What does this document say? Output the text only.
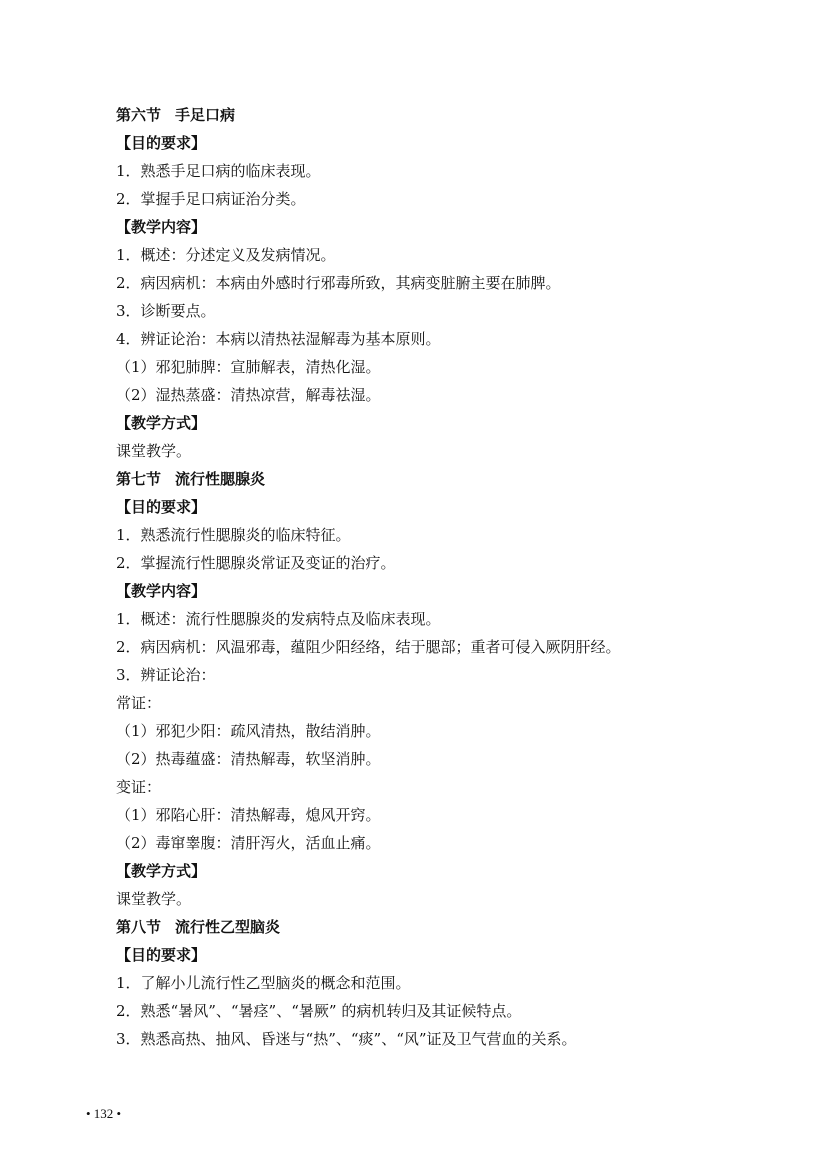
第六节 手足口病
【目的要求】
1．熟悉手足口病的临床表现。
2．掌握手足口病证治分类。
【教学内容】
1．概述：分述定义及发病情况。
2．病因病机：本病由外感时行邪毒所致，其病变脏腑主要在肺脾。
3．诊断要点。
4．辨证论治：本病以清热祛湿解毒为基本原则。
（1）邪犯肺脾：宣肺解表，清热化湿。
（2）湿热蒸盛：清热凉营，解毒祛湿。
【教学方式】
课堂教学。
第七节 流行性腮腺炎
【目的要求】
1．熟悉流行性腮腺炎的临床特征。
2．掌握流行性腮腺炎常证及变证的治疗。
【教学内容】
1．概述：流行性腮腺炎的发病特点及临床表现。
2．病因病机：风温邪毒，蕴阻少阳经络，结于腮部；重者可侵入厥阴肝经。
3．辨证论治：
常证：
（1）邪犯少阳：疏风清热，散结消肿。
（2）热毒蕴盛：清热解毒，软坚消肿。
变证：
（1）邪陷心肝：清热解毒，熄风开窍。
（2）毒窜睾腹：清肝泻火，活血止痛。
【教学方式】
课堂教学。
第八节 流行性乙型脑炎
【目的要求】
1．了解小儿流行性乙型脑炎的概念和范围。
2．熟悉“暑风”、“暑痉”、“暑厥” 的病机转归及其证候特点。
3．熟悉高热、抽风、昏迷与“热”、“痰”、“风”证及卫气营血的关系。
• 132 •
